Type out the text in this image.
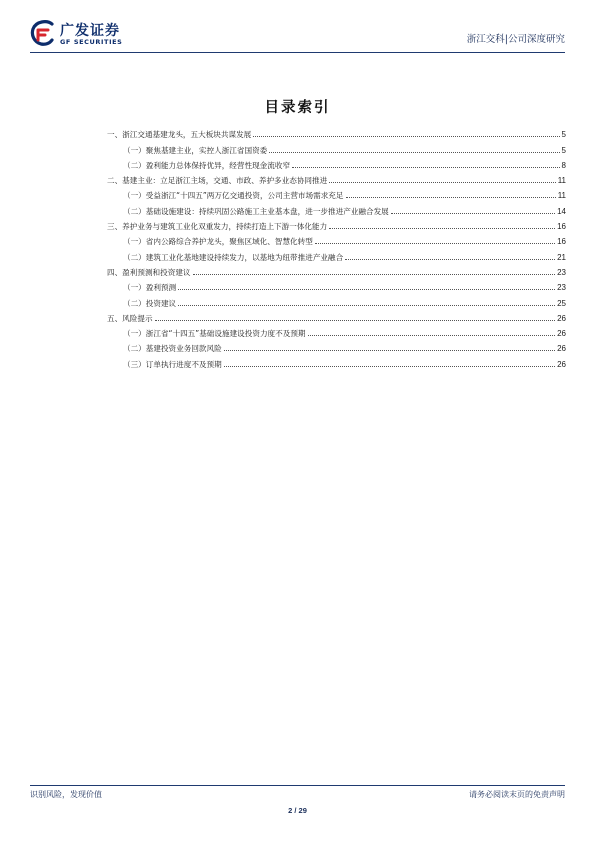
广发证券
GF SECURITIES	浙江交科|公司深度研究
目录索引
一、浙江交通基建龙头，五大板块共谋发展	5
（一）聚焦基建主业，实控人浙江省国资委	5
（二）盈利能力总体保持优异，经营性现金流收窄	8
二、基建主业：立足浙江主场，交通、市政、养护多业态协同推进	11
（一）受益浙江“十四五”两万亿交通投资，公司主营市场需求充足	11
（二）基础设施建设：持续巩固公路施工主业基本盘，进一步推进产业融合发展	14
三、养护业务与建筑工业化双重发力，持续打造上下游一体化能力	16
（一）省内公路综合养护龙头，聚焦区域化、智慧化转型	16
（二）建筑工业化基地建设持续发力，以基地为纽带推进产业融合	21
四、盈利预测和投资建议	23
（一）盈利预测	23
（二）投资建议	25
五、风险提示	26
（一）浙江省“十四五”基础设施建设投资力度不及预期	26
（二）基建投资业务回款风险	26
（三）订单执行进度不及预期	26
识别风险，发现价值	请务必阅读末页的免责声明
2 / 29
